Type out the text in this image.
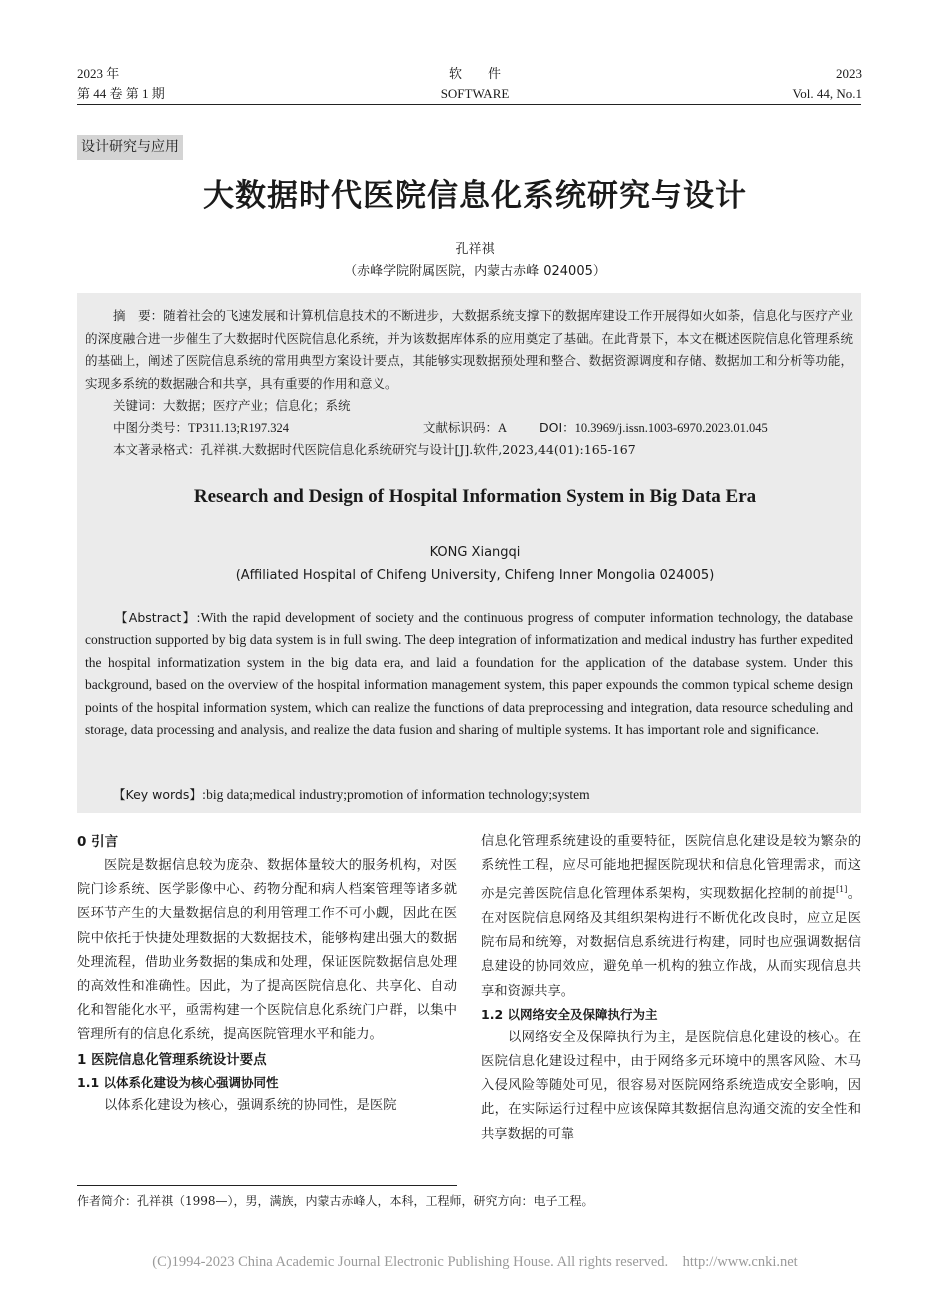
2023 年
第 44 卷 第 1 期
软        件
SOFTWARE
2023
Vol. 44, No.1
设计研究与应用
大数据时代医院信息化系统研究与设计
孔祥祺
（赤峰学院附属医院，内蒙古赤峰 024005）

摘　要：随着社会的飞速发展和计算机信息技术的不断进步，大数据系统支撑下的数据库建设工作开展得如火如荼，信息化与医疗产业的深度融合进一步催生了大数据时代医院信息化系统，并为该数据库体系的应用奠定了基础。在此背景下，本文在概述医院信息化管理系统的基础上，阐述了医院信息系统的常用典型方案设计要点，其能够实现数据预处理和整合、数据资源调度和存储、数据加工和分析等功能，实现多系统的数据融合和共享，具有重要的作用和意义。

关键词：大数据；医疗产业；信息化；系统
中图分类号：TP311.13;R197.324	文献标识码：A	DOI：10.3969/j.issn.1003-6970.2023.01.045
本文著录格式：孔祥祺.大数据时代医院信息化系统研究与设计[J].软件,2023,44(01):165-167
Research and Design of Hospital Information System in Big Data Era
KONG Xiangqi
(Affiliated Hospital of Chifeng University, Chifeng Inner Mongolia 024005)

【Abstract】:With the rapid development of society and the continuous progress of computer information technology, the database construction supported by big data system is in full swing. The deep integration of informatization and medical industry has further expedited the hospital informatization system in the big data era, and laid a foundation for the application of the database system. Under this background, based on the overview of the hospital information management system, this paper expounds the common typical scheme design points of the hospital information system, which can realize the functions of data preprocessing and integration, data resource scheduling and storage, data processing and analysis, and realize the data fusion and sharing of multiple systems. It has important role and significance.

【Key words】:big data;medical industry;promotion of information technology;system
0 引言

医院是数据信息较为庞杂、数据体量较大的服务机构，对医院门诊系统、医学影像中心、药物分配和病人档案管理等诸多就医环节产生的大量数据信息的利用管理工作不可小觑，因此在医院中依托于快捷处理数据的大数据技术，能够构建出强大的数据处理流程，借助业务数据的集成和处理，保证医院数据信息处理的高效性和准确性。因此，为了提高医院信息化、共享化、自动化和智能化水平，亟需构建一个医院信息化系统门户群，以集中管理所有的信息化系统，提高医院管理水平和能力。

1 医院信息化管理系统设计要点
1.1 以体系化建设为核心强调协同性

以体系化建设为核心，强调系统的协同性，是医院

信息化管理系统建设的重要特征，医院信息化建设是较为繁杂的系统性工程，应尽可能地把握医院现状和信息化管理需求，而这亦是完善医院信息化管理体系架构，实现数据化控制的前提[1]。在对医院信息网络及其组织架构进行不断优化改良时，应立足医院布局和统筹，对数据信息系统进行构建，同时也应强调数据信息建设的协同效应，避免单一机构的独立作战，从而实现信息共享和资源共享。

1.2 以网络安全及保障执行为主

以网络安全及保障执行为主，是医院信息化建设的核心。在医院信息化建设过程中，由于网络多元环境中的黑客风险、木马入侵风险等随处可见，很容易对医院网络系统造成安全影响，因此，在实际运行过程中应该保障其数据信息沟通交流的安全性和共享数据的可靠

作者简介：孔祥祺（1998—），男，满族，内蒙古赤峰人，本科，工程师，研究方向：电子工程。
(C)1994-2023 China Academic Journal Electronic Publishing House. All rights reserved.    http://www.cnki.net
